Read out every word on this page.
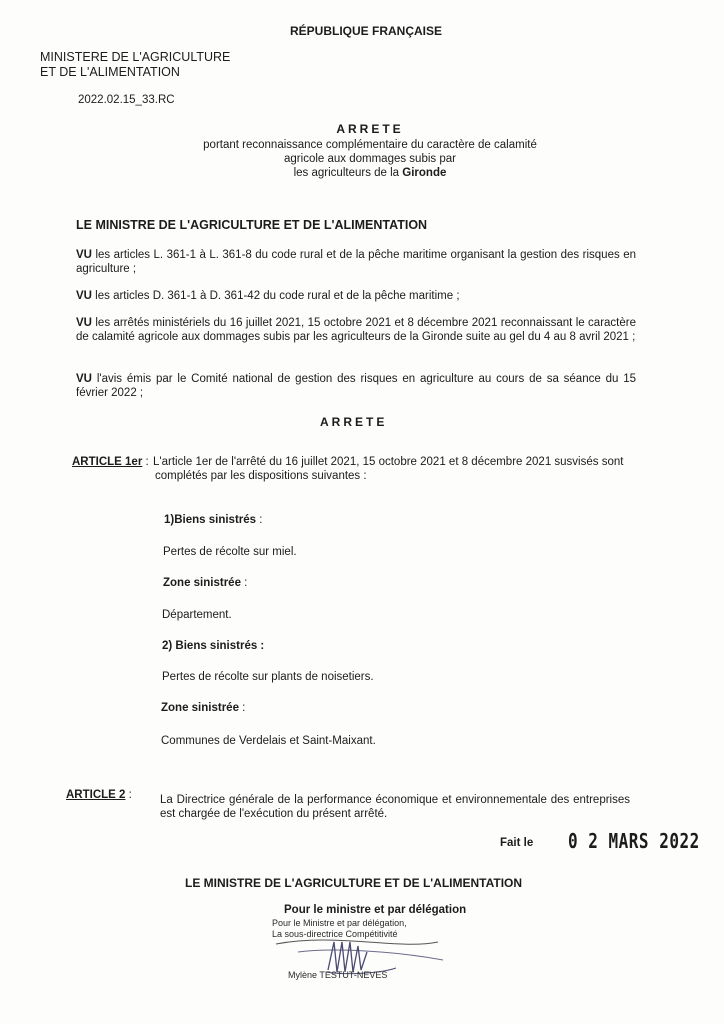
RÉPUBLIQUE FRANÇAISE
MINISTERE DE L'AGRICULTURE
ET DE L'ALIMENTATION
2022.02.15_33.RC
ARRETE
portant reconnaissance complémentaire du caractère de calamité
agricole aux dommages subis par
les agriculteurs de la Gironde
LE MINISTRE DE L'AGRICULTURE ET DE L'ALIMENTATION
VU les articles L. 361-1 à L. 361-8 du code rural et de la pêche maritime organisant la gestion des risques en agriculture ;
VU les articles D. 361-1 à D. 361-42 du code rural et de la pêche maritime ;
VU les arrêtés ministériels du 16 juillet 2021, 15 octobre 2021 et 8 décembre 2021 reconnaissant le caractère de calamité agricole aux dommages subis par les agriculteurs de la Gironde suite au gel du 4 au 8 avril 2021 ;
VU l'avis émis par le Comité national de gestion des risques en agriculture au cours de sa séance du 15 février 2022 ;
ARRETE
ARTICLE 1er : L'article 1er de l'arrêté du 16 juillet 2021, 15 octobre 2021 et 8 décembre 2021 susvisés sont complétés par les dispositions suivantes :
1)Biens sinistrés :
Pertes de récolte sur miel.
Zone sinistrée :
Département.
2) Biens sinistrés :
Pertes de récolte sur plants de noisetiers.
Zone sinistrée :
Communes de Verdelais et Saint-Maixant.
ARTICLE 2 : La Directrice générale de la performance économique et environnementale des entreprises est chargée de l'exécution du présent arrêté.
Fait le 0 2 MARS 2022
LE MINISTRE DE L'AGRICULTURE ET DE L'ALIMENTATION
Pour le ministre et par délégation
Pour le Ministre et par délégation,
La sous-directrice Compétitivité
Mylène TESTUT-NEVES
